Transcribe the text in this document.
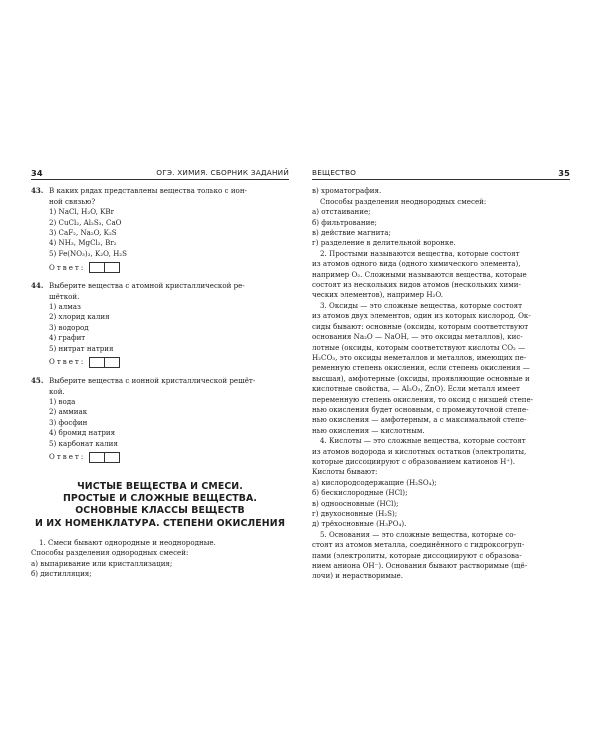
34	ОГЭ. ХИМИЯ. СБОРНИК ЗАДАНИЙ
43. В каких рядах представлены вещества только с ион-
ной связью?
1) NaCl, H₂O, KBr
2) CuCl₂, Al₂S₃, CaO
3) CaF₂, Na₂O, K₂S
4) NH₃, MgCl₂, Br₂
5) Fe(NO₃)₃, K₂O, H₂S
Ответ:
44. Выберите вещества с атомной кристаллической ре-
шёткой.
1) алмаз
2) хлорид калия
3) водород
4) графит
5) нитрат натрия
Ответ:
45. Выберите вещества с ионной кристаллической решёт-
кой.
1) вода
2) аммиак
3) фосфин
4) бромид натрия
5) карбонат калия
Ответ:
ЧИСТЫЕ ВЕЩЕСТВА И СМЕСИ.
ПРОСТЫЕ И СЛОЖНЫЕ ВЕЩЕСТВА.
ОСНОВНЫЕ КЛАССЫ ВЕЩЕСТВ
И ИХ НОМЕНКЛАТУРА. СТЕПЕНИ ОКИСЛЕНИЯ
1. Смеси бывают однородные и неоднородные.
Способы разделения однородных смесей:
а) выпаривание или кристаллизация;
б) дистилляция;
ВЕЩЕСТВО	35
в) хроматография.
Способы разделения неоднородных смесей:
а) отстаивание;
б) фильтрование;
в) действие магнита;
г) разделение в делительной воронке.
2. Простыми называются вещества, которые состоят
из атомов одного вида (одного химического элемента),
например O₂. Сложными называются вещества, которые
состоят из нескольких видов атомов (нескольких хими-
ческих элементов), например H₂O.
3. Оксиды — это сложные вещества, которые состоят
из атомов двух элементов, один из которых кислород. Ок-
сиды бывают: основные (оксиды, которым соответствуют
основания Na₂O — NaOH, — это оксиды металлов), кис-
лотные (оксиды, которым соответствуют кислоты CO₂ —
H₂CO₃, это оксиды неметаллов и металлов, имеющих пе-
ременную степень окисления, если степень окисления —
высшая), амфотерные (оксиды, проявляющие основные и
кислотные свойства, — Al₂O₃, ZnO). Если металл имеет
переменную степень окисления, то оксид с низшей степе-
нью окисления будет основным, с промежуточной степе-
нью окисления — амфотерным, а с максимальной степе-
нью окисления — кислотным.
4. Кислоты — это сложные вещества, которые состоят
из атомов водорода и кислотных остатков (электролиты,
которые диссоциируют с образованием катионов H⁺).
Кислоты бывают:
а) кислородсодержащие (H₂SO₄);
б) бескислородные (HCl);
в) одноосновные (HCl);
г) двухосновные (H₂S);
д) трёхосновные (H₃PO₄).
5. Основания — это сложные вещества, которые со-
стоят из атомов металла, соединённого с гидроксогруп-
пами (электролиты, которые диссоциируют с образова-
нием аниона OH⁻). Основания бывают растворимые (щё-
лочи) и нерастворимые.
